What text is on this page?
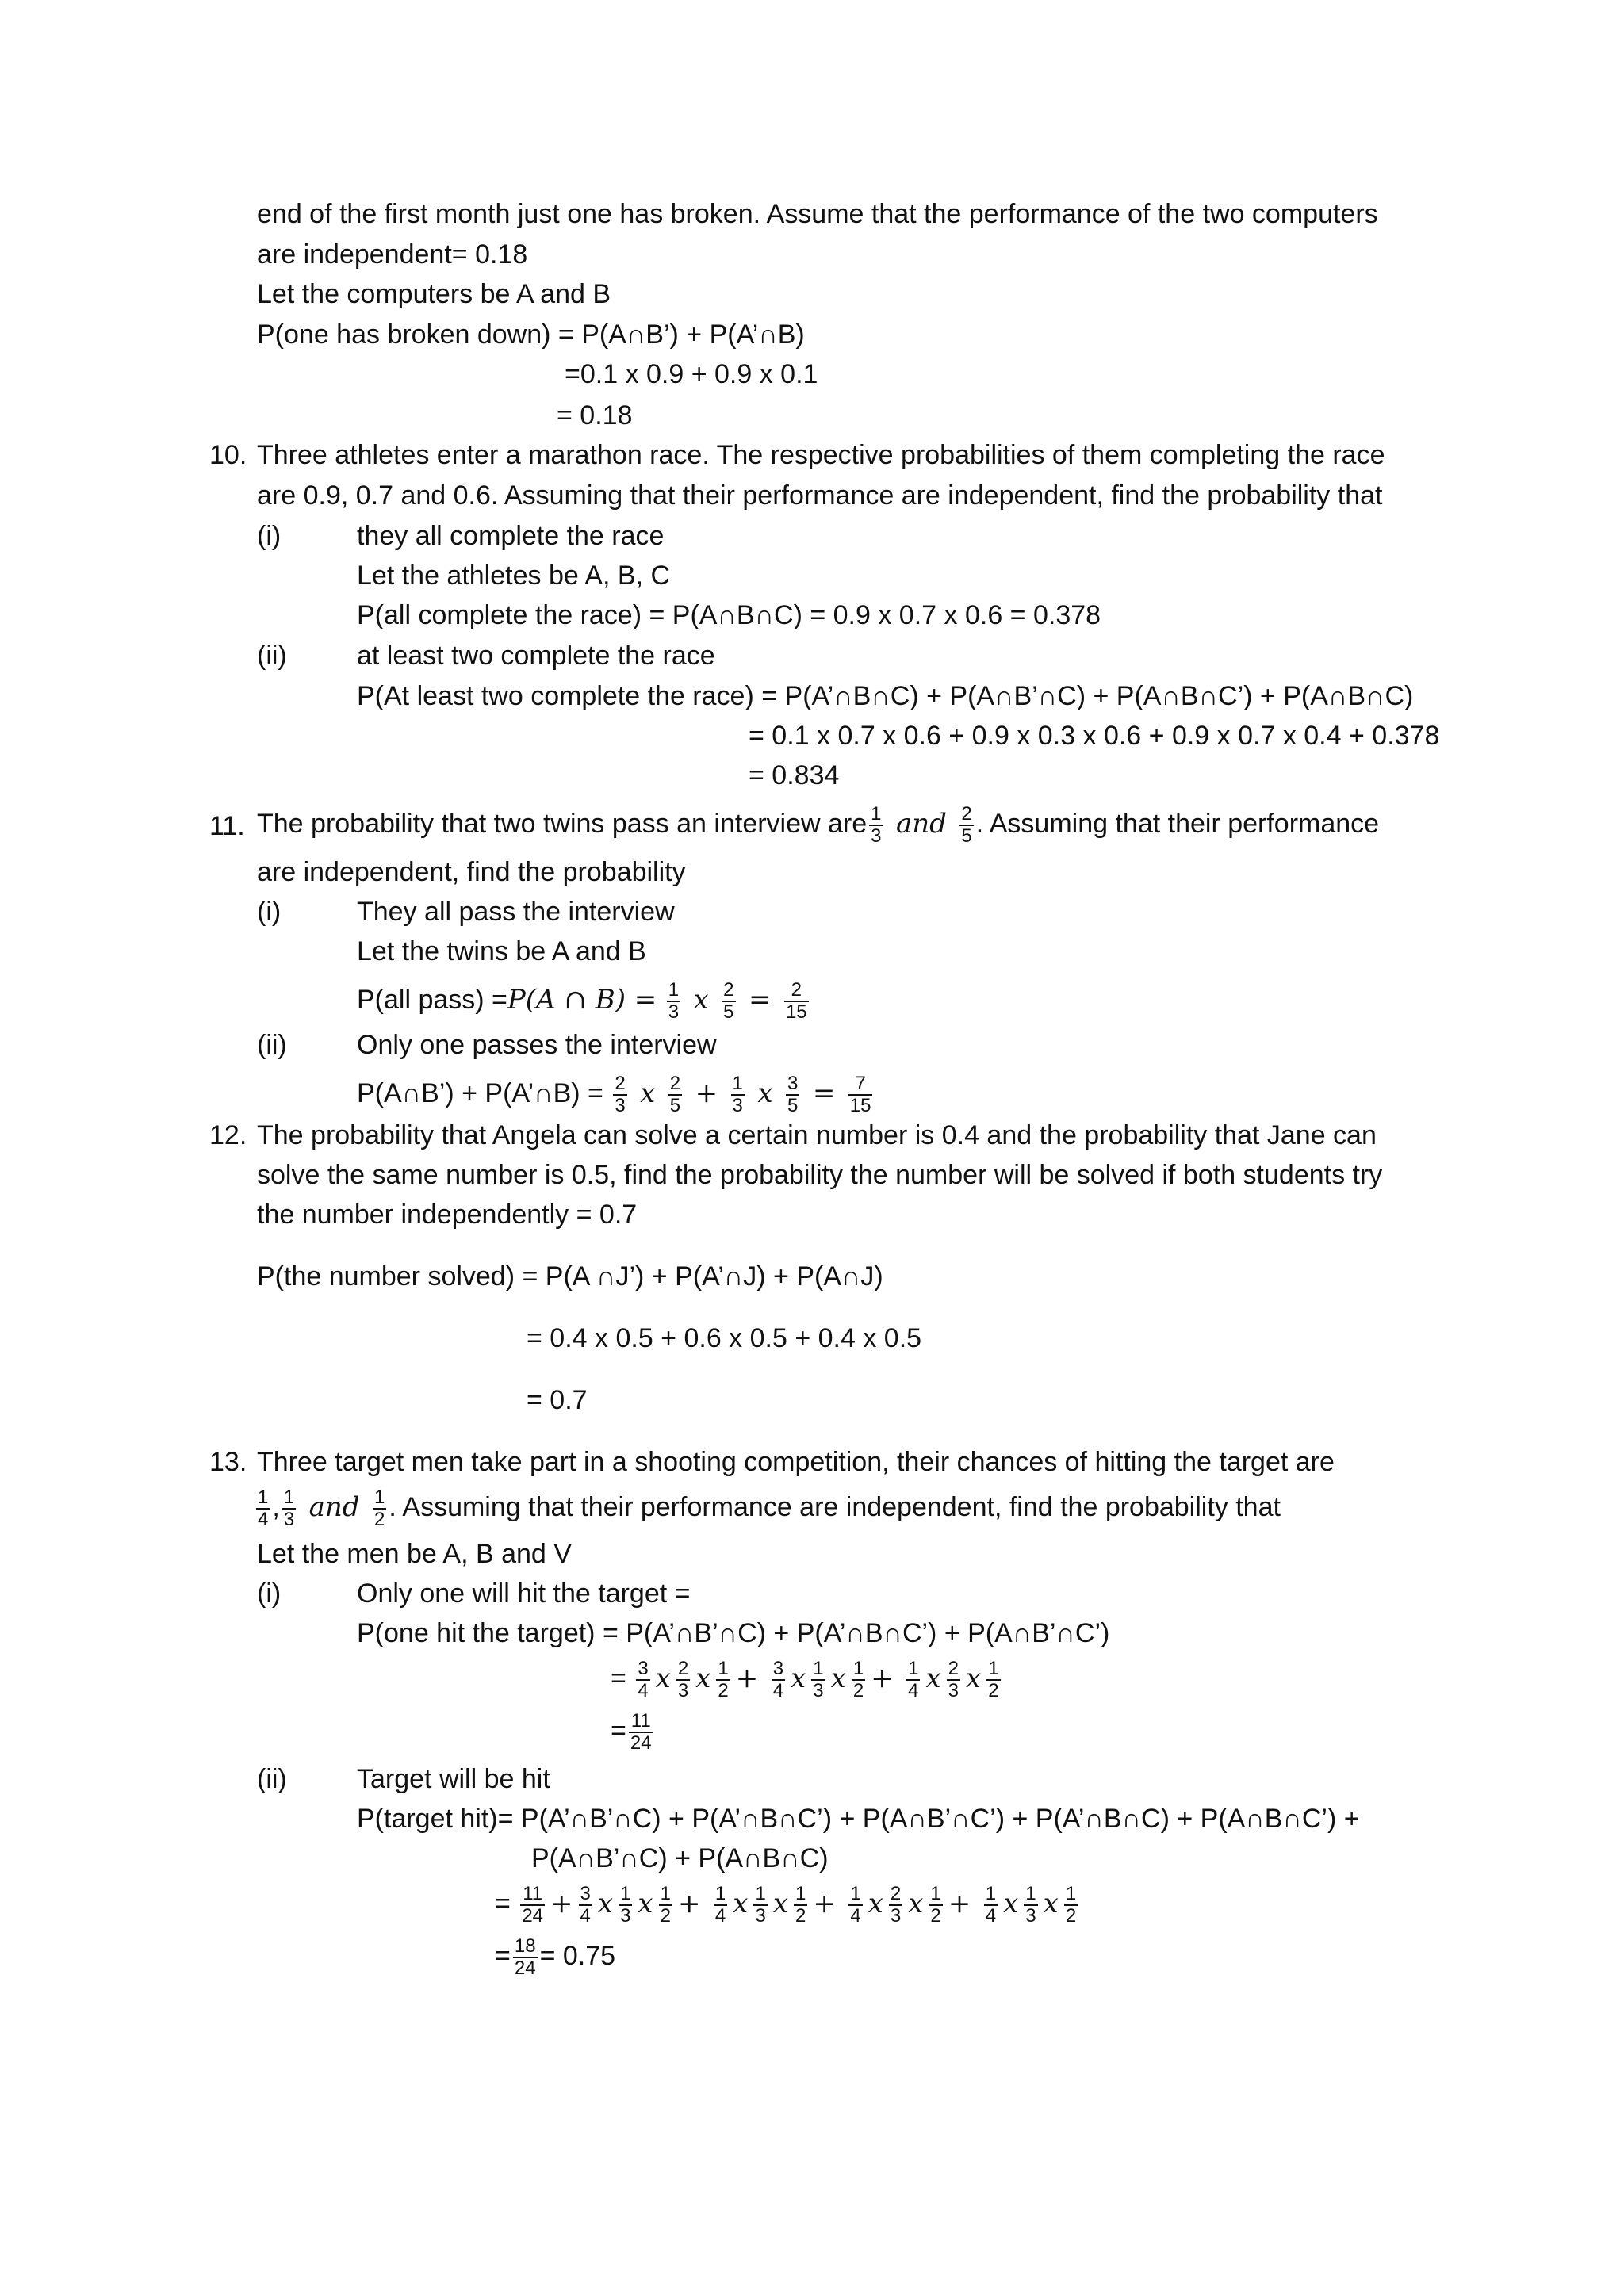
end of the first month just one has broken. Assume that the performance of the two computers
are independent= 0.18
Let the computers be A and B
P(one has broken down) = P(A∩B’) + P(A’∩B)
=0.1 x 0.9 + 0.9 x 0.1
= 0.18
10. Three athletes enter a marathon race. The respective probabilities of them completing the race
are 0.9, 0.7 and 0.6. Assuming that their performance are independent, find the probability that
(i)	they all complete the race
Let the athletes be A, B, C
P(all complete the race) = P(A∩B∩C) = 0.9 x 0.7 x 0.6 = 0.378
(ii)	at least two complete the race
P(At least two complete the race) = P(A’∩B∩C) + P(A∩B’∩C) + P(A∩B∩C’) + P(A∩B∩C)
= 0.1 x 0.7 x 0.6 + 0.9 x 0.3 x 0.6 + 0.9 x 0.7 x 0.4 + 0.378
= 0.834
11. The probability that two twins pass an interview are $\frac{1}{3}$ and $\frac{2}{5}$ . Assuming that their performance
are independent, find the probability
(i)	They all pass the interview
Let the twins be A and B
P(all pass) =P(A ∩ $B) = \frac{1}{3}$ x $\frac{2}{5} = \frac{2}{15}$
(ii)	Only one passes the interview
P(A∩B’) + P(A’∩B) = $\frac{2}{3}$ x $\frac{2}{5} + \frac{1}{3}$ x $\frac{3}{5} = \frac{7}{15}$
12. The probability that Angela can solve a certain number is 0.4 and the probability that Jane can
solve the same number is 0.5, find the probability the number will be solved if both students try
the number independently = 0.7
P(the number solved) = P(A ∩J’) + P(A’∩J) + P(A∩J)
= 0.4 x 0.5 + 0.6 x 0.5 + 0.4 x 0.5
= 0.7
13. Three target men take part in a shooting competition, their chances of hitting the target are
$\frac{1}{4}$ , $\frac{1}{3}$ and $\frac{1}{2}$ . Assuming that their performance are independent, find the probability that
Let the men be A, B and V
(i)	Only one will hit the target =
P(one hit the target) = P(A’∩B’∩C) + P(A’∩B∩C’) + P(A∩B’∩C’)
= $\frac{3}{4}$ x $\frac{2}{3}$ x $\frac{1}{2} + \frac{3}{4}$ x $\frac{1}{3}$ x $\frac{1}{2} + \frac{1}{4}$ x $\frac{2}{3}$ x $\frac{1}{2}$
= $\frac{11}{24}$
(ii)	Target will be hit
P(target hit)= P(A’∩B’∩C) + P(A’∩B∩C’) + P(A∩B’∩C’) + P(A’∩B∩C) + P(A∩B∩C’) +
P(A∩B’∩C) + P(A∩B∩C)
= $\frac{11}{24} + \frac{3}{4}$ x $\frac{1}{3}$ x $\frac{1}{2} + \frac{1}{4}$ x $\frac{1}{3}$ x $\frac{1}{2} + \frac{1}{4}$ x $\frac{2}{3}$ x $\frac{1}{2} + \frac{1}{4}$ x $\frac{1}{3}$ x $\frac{1}{2}$
= $\frac{18}{24} = 0.75$
